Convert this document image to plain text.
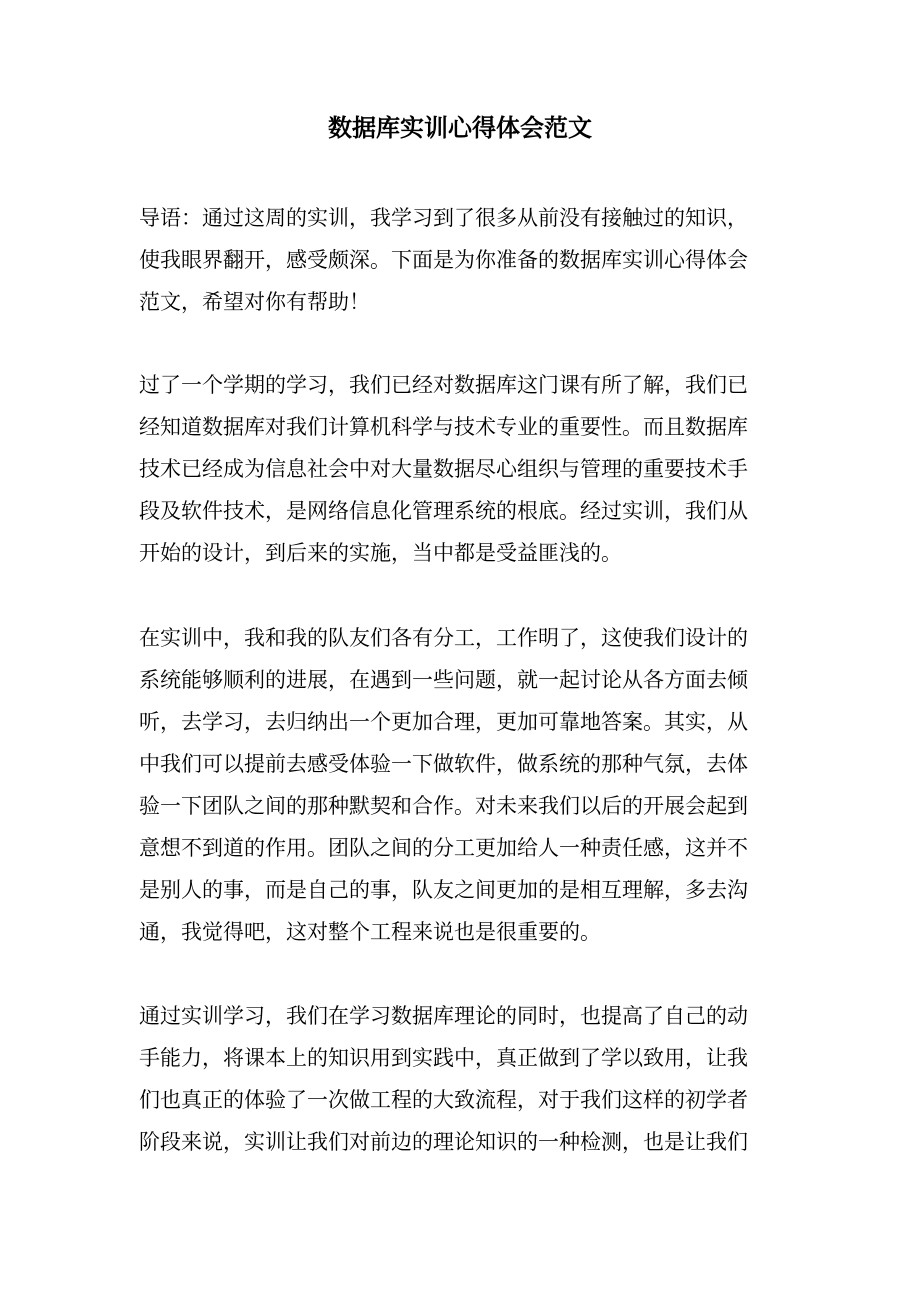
数据库实训心得体会范文
导语：通过这周的实训，我学习到了很多从前没有接触过的知识，
使我眼界翻开，感受颇深。下面是为你准备的数据库实训心得体会
范文，希望对你有帮助！
过了一个学期的学习，我们已经对数据库这门课有所了解，我们已
经知道数据库对我们计算机科学与技术专业的重要性。而且数据库
技术已经成为信息社会中对大量数据尽心组织与管理的重要技术手
段及软件技术，是网络信息化管理系统的根底。经过实训，我们从
开始的设计，到后来的实施，当中都是受益匪浅的。
在实训中，我和我的队友们各有分工，工作明了，这使我们设计的
系统能够顺利的进展，在遇到一些问题，就一起讨论从各方面去倾
听，去学习，去归纳出一个更加合理，更加可靠地答案。其实，从
中我们可以提前去感受体验一下做软件，做系统的那种气氛，去体
验一下团队之间的那种默契和合作。对未来我们以后的开展会起到
意想不到道的作用。团队之间的分工更加给人一种责任感，这并不
是别人的事，而是自己的事，队友之间更加的是相互理解，多去沟
通，我觉得吧，这对整个工程来说也是很重要的。
通过实训学习，我们在学习数据库理论的同时，也提高了自己的动
手能力，将课本上的知识用到实践中，真正做到了学以致用，让我
们也真正的体验了一次做工程的大致流程，对于我们这样的初学者
阶段来说，实训让我们对前边的理论知识的一种检测，也是让我们
